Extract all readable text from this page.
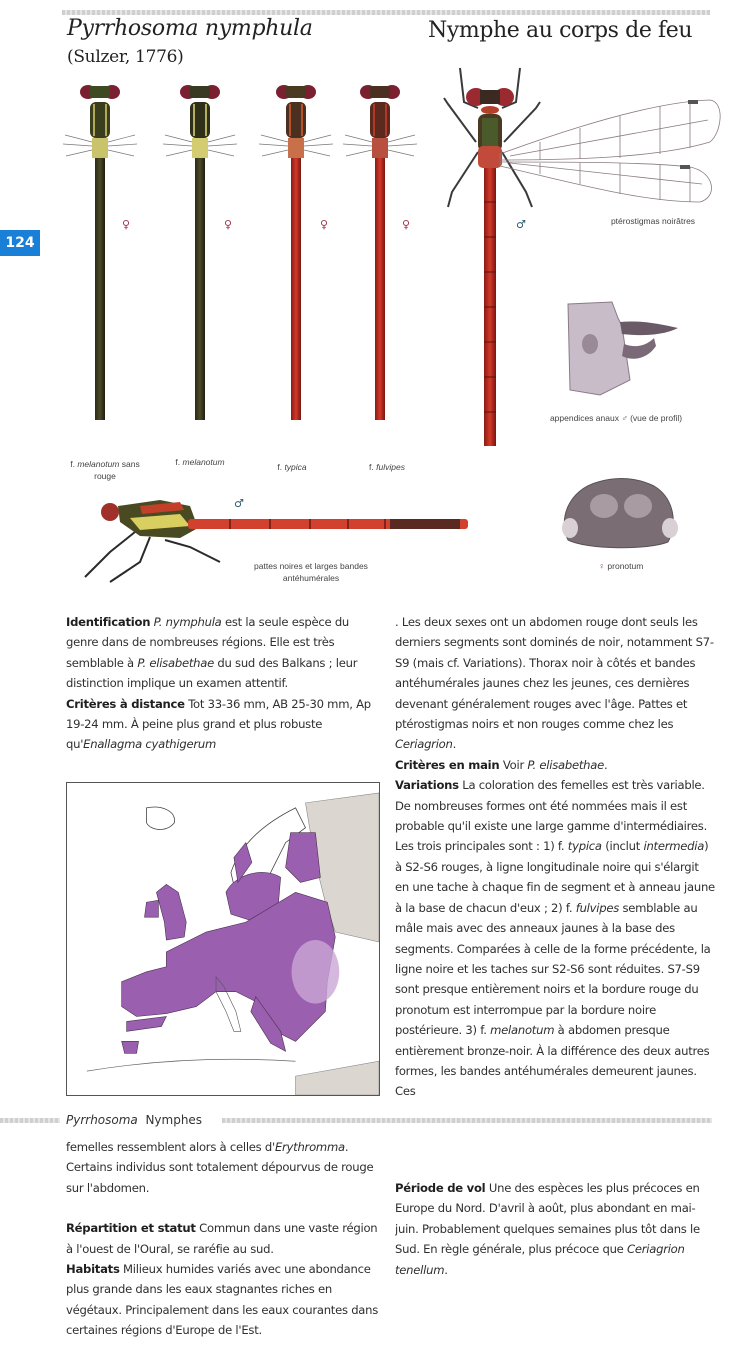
Pyrrhosoma nymphula
(Sulzer, 1776)
Nymphe au corps de feu
124
♀	♀	♀	♀
f. melanotum sans
rouge
f. melanotum	f. typica	f. fulvipes
♂	ptérostigmas noirâtres
appendices anaux ♂ (vue de profil)
♂
pattes noires et larges bandes
antéhumérales
♀ pronotum
Identification P. nymphula est la seule espèce du genre dans de nombreuses régions. Elle est très semblable à P. elisabethae du sud des Balkans ; leur distinction implique un examen attentif.
Critères à distance Tot 33-36 mm, AB 25-30 mm, Ap 19-24 mm. À peine plus grand et plus robuste qu'Enallagma cyathigerum
. Les deux sexes ont un abdomen rouge dont seuls les derniers segments sont dominés de noir, notamment S7-S9 (mais cf. Variations). Thorax noir à côtés et bandes antéhumérales jaunes chez les jeunes, ces dernières devenant généralement rouges avec l'âge. Pattes et ptérostigmas noirs et non rouges comme chez les Ceriagrion.
Critères en main Voir P. elisabethae.
Variations La coloration des femelles est très variable. De nombreuses formes ont été nommées mais il est probable qu'il existe une large gamme d'intermédiaires. Les trois principales sont : 1) f. typica (inclut intermedia) à S2-S6 rouges, à ligne longitudinale noire qui s'élargit en une tache à chaque fin de segment et à anneau jaune à la base de chacun d'eux ; 2) f. fulvipes semblable au mâle mais avec des anneaux jaunes à la base des segments. Comparées à celle de la forme précédente, la ligne noire et les taches sur S2-S6 sont réduites. S7-S9 sont presque entièrement noirs et la bordure rouge du pronotum est interrompue par la bordure noire postérieure. 3) f. melanotum à abdomen presque entièrement bronze-noir. À la différence des deux autres formes, les bandes antéhumérales demeurent jaunes. Ces
Pyrrhosoma Nymphes
femelles ressemblent alors à celles d'Erythromma. Certains individus sont totalement dépourvus de rouge sur l'abdomen.
Répartition et statut Commun dans une vaste région à l'ouest de l'Oural, se raréfie au sud.
Habitats Milieux humides variés avec une abondance plus grande dans les eaux stagnantes riches en végétaux. Principalement dans les eaux courantes dans certaines régions d'Europe de l'Est.
Période de vol Une des espèces les plus précoces en Europe du Nord. D'avril à août, plus abondant en mai-juin. Probablement quelques semaines plus tôt dans le Sud. En règle générale, plus précoce que Ceriagrion tenellum.
